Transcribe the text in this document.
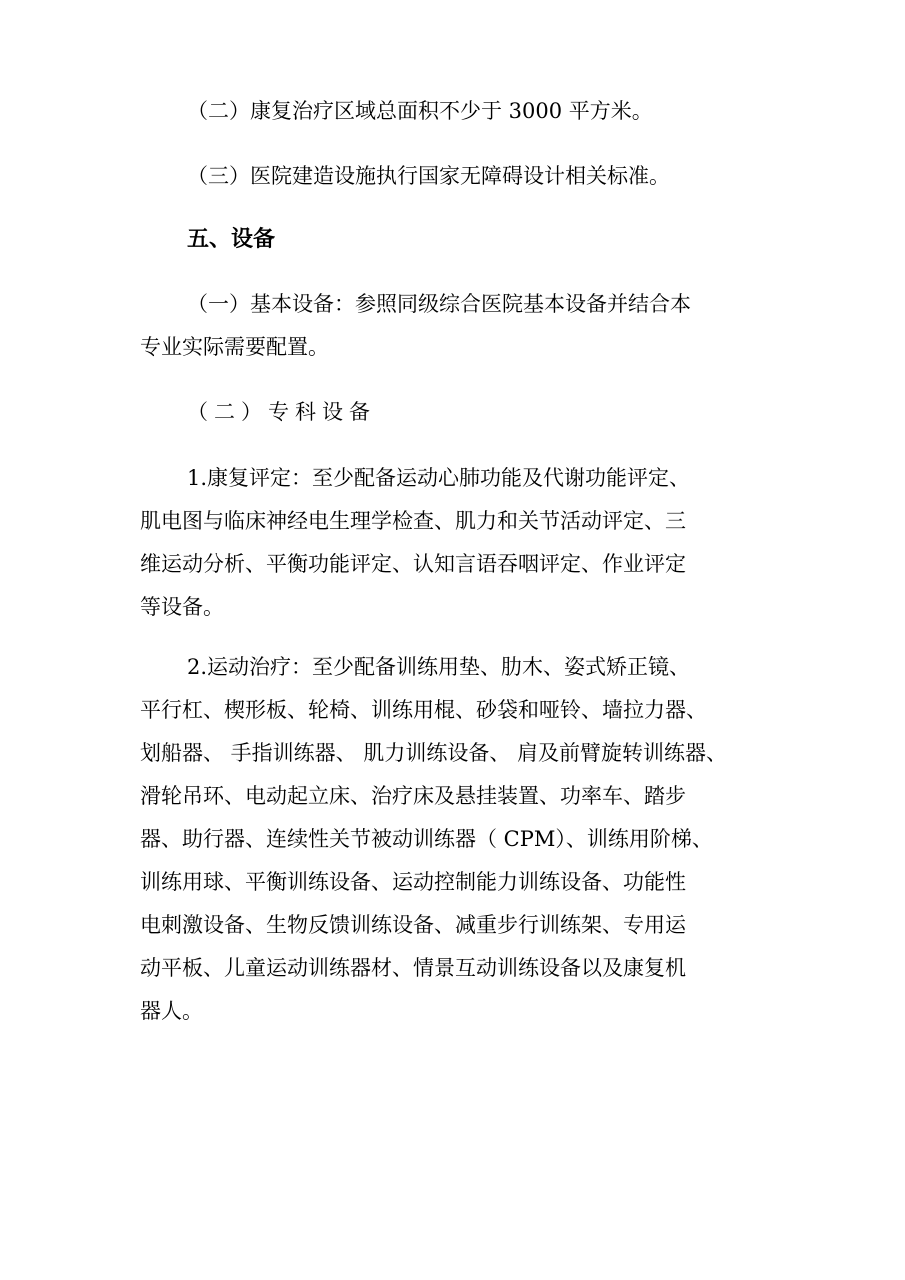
（二）康复治疗区域总面积不少于 3000 平方米。

（三）医院建造设施执行国家无障碍设计相关标准。

五、设备

（一）基本设备：参照同级综合医院基本设备并结合本

专业实际需要配置。

（二）专科设备

1.康复评定：至少配备运动心肺功能及代谢功能评定、

肌电图与临床神经电生理学检查、肌力和关节活动评定、三

维运动分析、平衡功能评定、认知言语吞咽评定、作业评定

等设备。

2.运动治疗：至少配备训练用垫、肋木、姿式矫正镜、

平行杠、楔形板、轮椅、训练用棍、砂袋和哑铃、墙拉力器、

划船器、 手指训练器、 肌力训练设备、 肩及前臂旋转训练器、

滑轮吊环、电动起立床、治疗床及悬挂装置、功率车、踏步

器、助行器、连续性关节被动训练器（ CPM）、训练用阶梯、

训练用球、平衡训练设备、运动控制能力训练设备、功能性

电刺激设备、生物反馈训练设备、减重步行训练架、专用运

动平板、儿童运动训练器材、情景互动训练设备以及康复机

器人。
